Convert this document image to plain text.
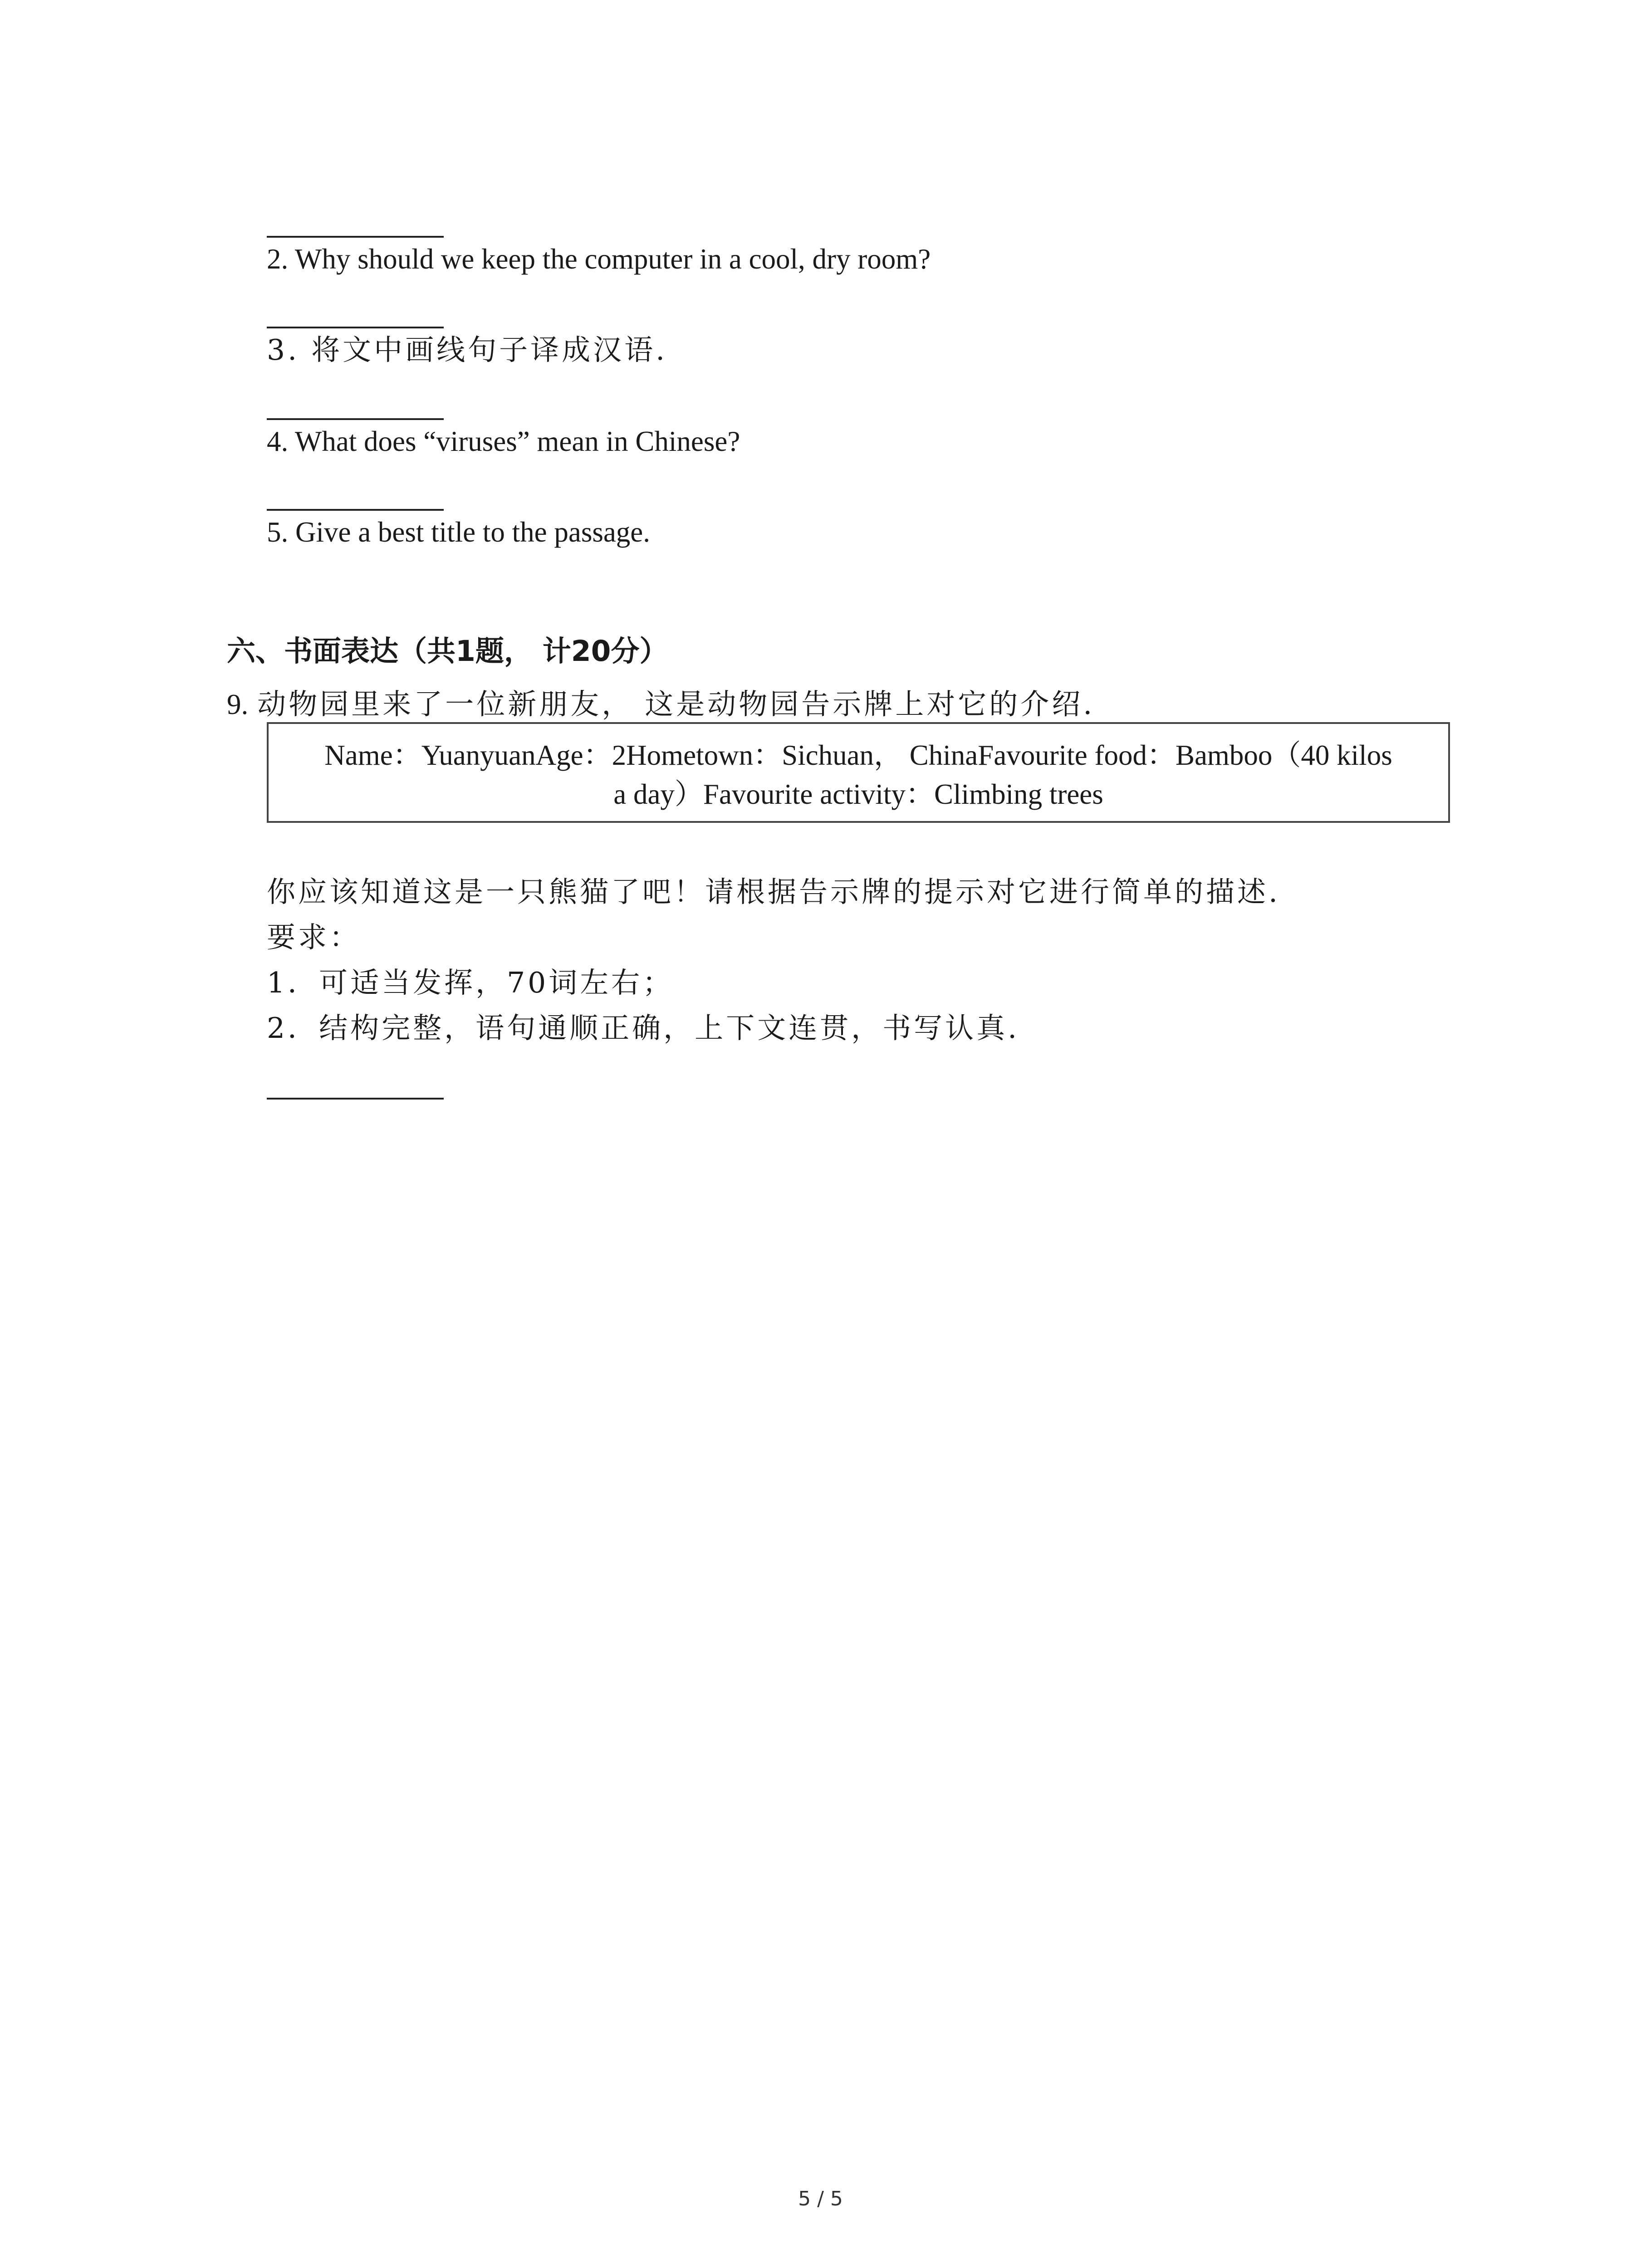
2. Why should we keep the computer in a cool, dry room?
3. 将文中画线句子译成汉语.
4. What does “viruses” mean in Chinese?
5. Give a best title to the passage.
六、书面表达（共1题， 计20分）
9. 动物园里来了一位新朋友， 这是动物园告示牌上对它的介绍.
Name：YuanyuanAge：2Hometown：Sichuan， ChinaFavourite food：Bamboo（40 kilos
a day）Favourite activity：Climbing trees
你应该知道这是一只熊猫了吧！请根据告示牌的提示对它进行简单的描述.
要求：
1．可适当发挥，70词左右；
2．结构完整，语句通顺正确，上下文连贯，书写认真.
5 / 5
